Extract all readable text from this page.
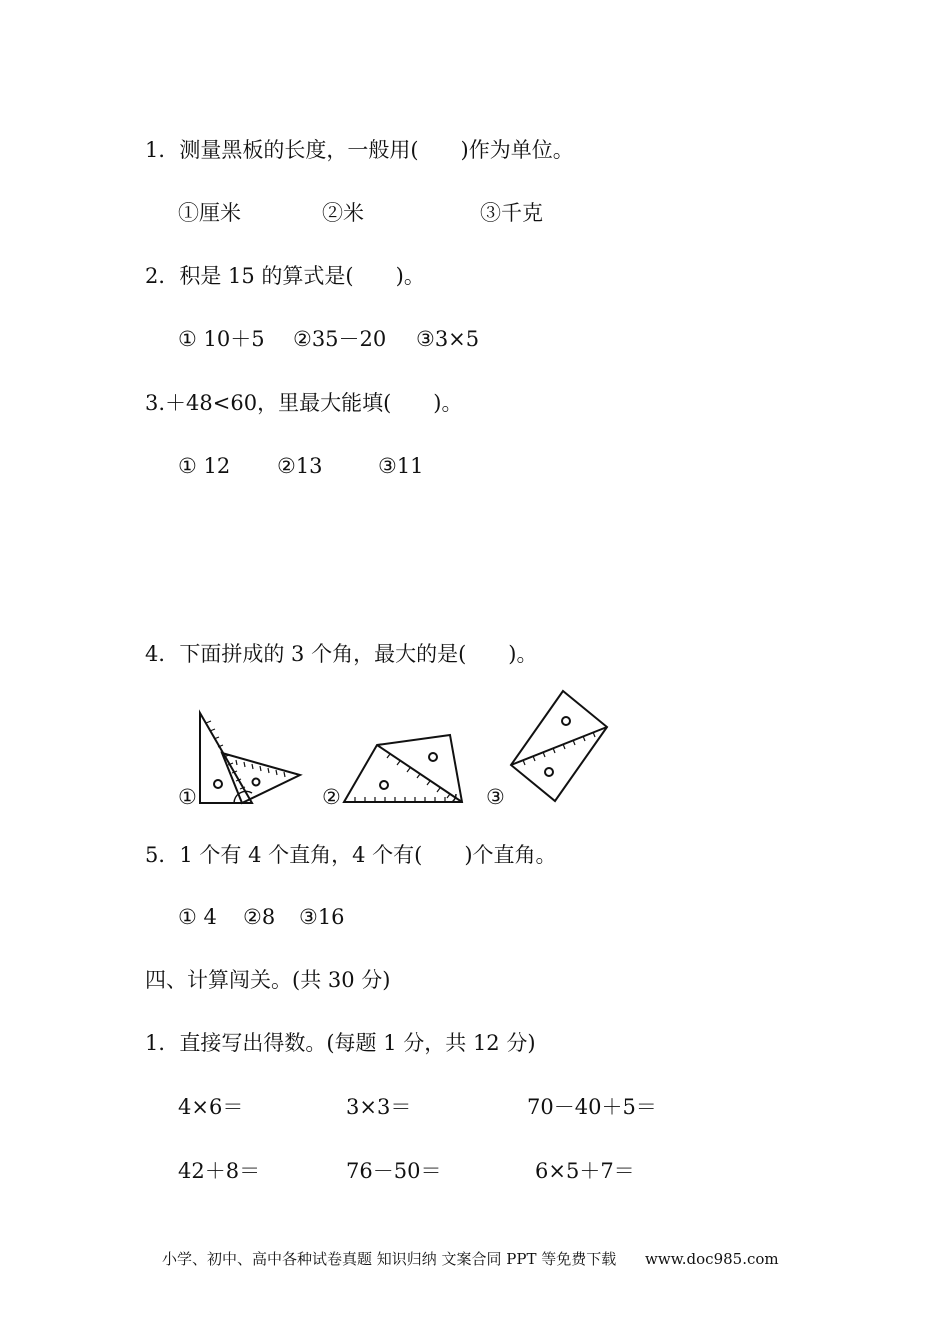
1．测量黑板的长度，一般用(　　)作为单位。
①厘米	②米	③千克
2．积是 15 的算式是(　　)。
① 10＋5 ②35－20 ③3×5
3.＋48<60，里最大能填(　　)。
① 12 ②13	③11
4．下面拼成的 3 个角，最大的是(　　)。
①	②	③
5．1 个有 4 个直角，4 个有(　　)个直角。
① 4 ②8 ③16
四、计算闯关。(共 30 分)
1．直接写出得数。(每题 1 分，共 12 分)
4×6＝	3×3＝	70－40＋5＝
42＋8＝	76－50＝	6×5＋7＝
小学、初中、高中各种试卷真题 知识归纳 文案合同 PPT 等免费下载 www.doc985.com
